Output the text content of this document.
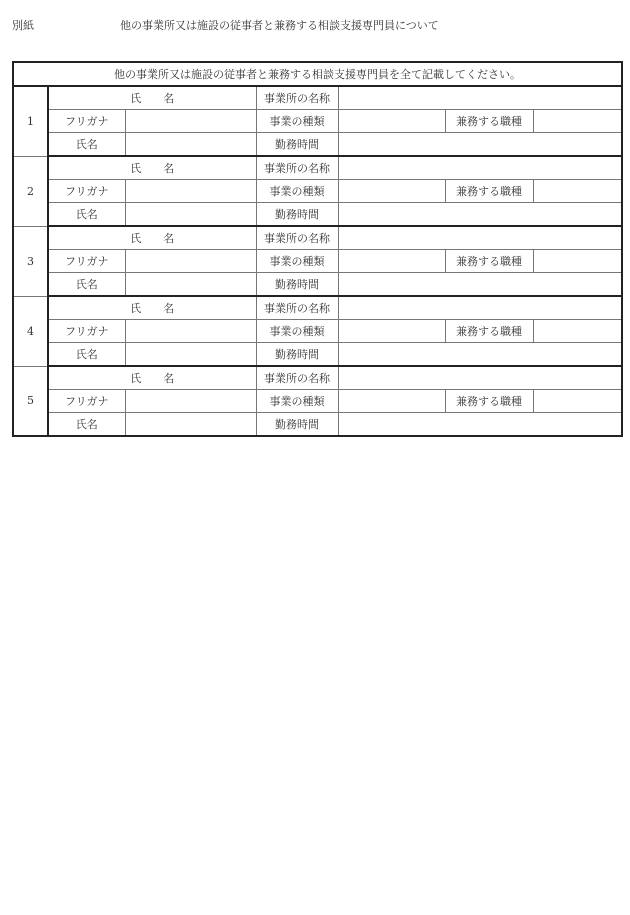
別紙	他の事業所又は施設の従事者と兼務する相談支援専門員について
他の事業所又は施設の従事者と兼務する相談支援専門員を全て記載してください。						
1	氏　　名		事業所の名称			
	フリガナ		事業の種類		兼務する職種	
	氏名		勤務時間			
2	氏　　名		事業所の名称			
	フリガナ		事業の種類		兼務する職種	
	氏名		勤務時間			
3	氏　　名		事業所の名称			
	フリガナ		事業の種類		兼務する職種	
	氏名		勤務時間			
4	氏　　名		事業所の名称			
	フリガナ		事業の種類		兼務する職種	
	氏名		勤務時間			
5	氏　　名		事業所の名称			
	フリガナ		事業の種類		兼務する職種	
	氏名		勤務時間			
